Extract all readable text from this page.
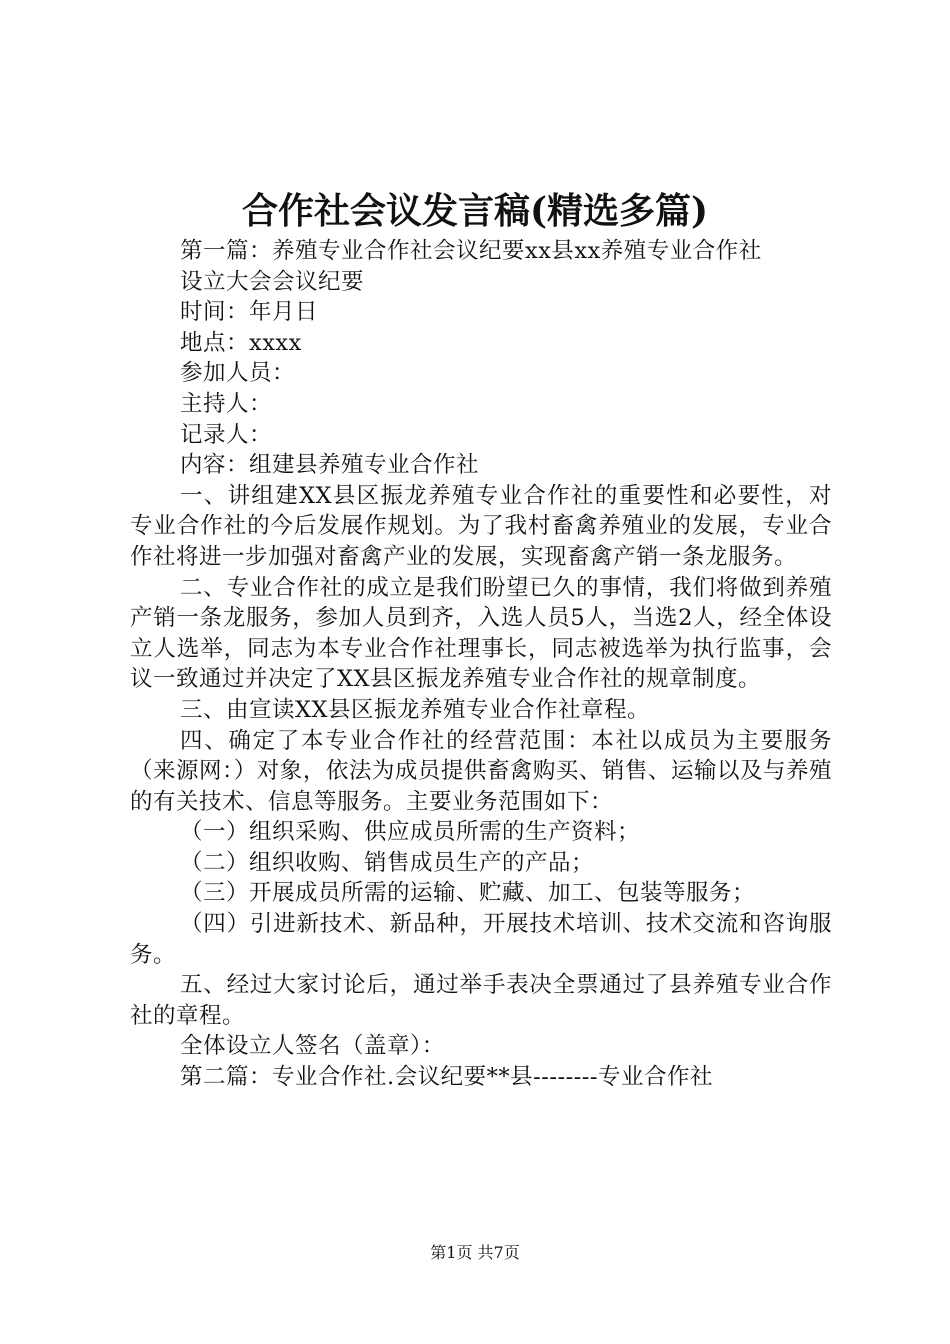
合作社会议发言稿(精选多篇)

第一篇：养殖专业合作社会议纪要xx县xx养殖专业合作社

设立大会会议纪要

时间：年月日

地点：xxxx

参加人员：

主持人：

记录人：

内容：组建县养殖专业合作社

一、讲组建XX县区振龙养殖专业合作社的重要性和必要性，对专业合作社的今后发展作规划。为了我村畜禽养殖业的发展，专业合作社将进一步加强对畜禽产业的发展，实现畜禽产销一条龙服务。

二、专业合作社的成立是我们盼望已久的事情，我们将做到养殖产销一条龙服务，参加人员到齐，入选人员5人，当选2人，经全体设立人选举，同志为本专业合作社理事长，同志被选举为执行监事，会议一致通过并决定了XX县区振龙养殖专业合作社的规章制度。

三、由宣读XX县区振龙养殖专业合作社章程。

四、确定了本专业合作社的经营范围：本社以成员为主要服务（来源网：）对象，依法为成员提供畜禽购买、销售、运输以及与养殖的有关技术、信息等服务。主要业务范围如下：

（一）组织采购、供应成员所需的生产资料；

（二）组织收购、销售成员生产的产品；

（三）开展成员所需的运输、贮藏、加工、包装等服务；

（四）引进新技术、新品种，开展技术培训、技术交流和咨询服务。

五、经过大家讨论后，通过举手表决全票通过了县养殖专业合作社的章程。

全体设立人签名（盖章）：

第二篇：专业合作社.会议纪要**县--------专业合作社

第1页 共7页
